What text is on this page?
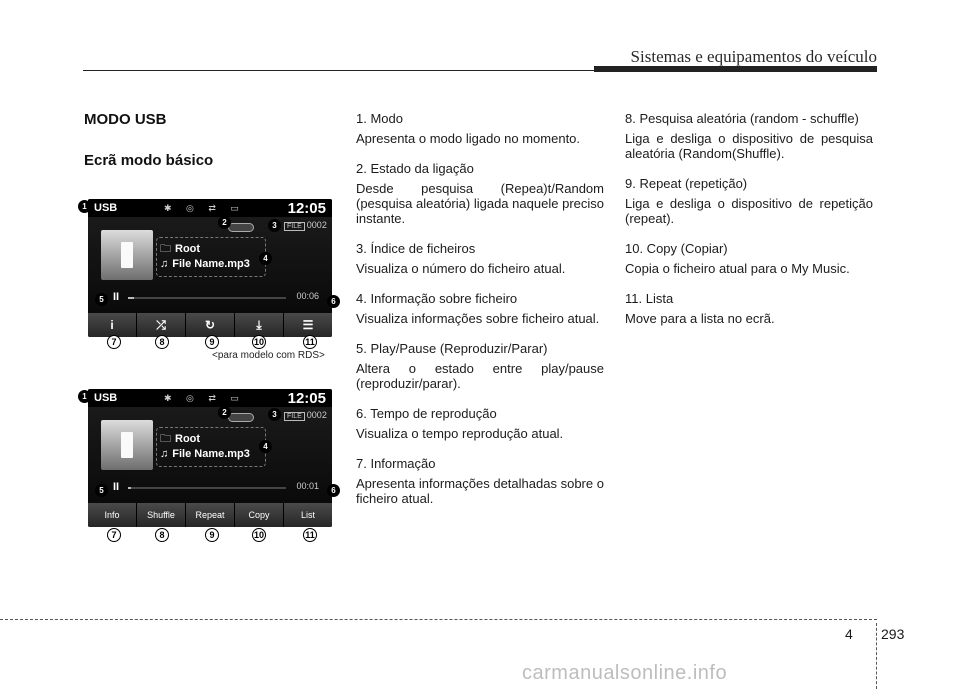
Sistemas e equipamentos do veículo
MODO USB
Ecrã modo básico
USB	✱ ◎ ⇄ ▭	12:05
FILE 0002
🗀 Root
♫ File Name.mp3
II	00:06
i	⤮	↻	⤓	☰
1
2	3
4
5	6
7	8	9	10	11
<para modelo com RDS>
USB	✱ ◎ ⇄ ▭	12:05
FILE 0002
🗀 Root
♫ File Name.mp3
II	00:01
Info	Shuffle	Repeat	Copy	List
1
2	3
4
5	6
7	8	9	10	11
1. Modo
Apresenta o modo ligado no momento.
2. Estado da ligação
Desde pesquisa (Repea)t/Random (pesquisa aleatória) ligada naquele preciso instante.
3. Índice de ficheiros
Visualiza o número do ficheiro atual.
4. Informação sobre ficheiro
Visualiza informações sobre ficheiro atual.
5. Play/Pause (Reproduzir/Parar)
Altera o estado entre play/pause (reproduzir/parar).
6. Tempo de reprodução
Visualiza o tempo reprodução atual.
7. Informação
Apresenta informações detalhadas sobre o ficheiro atual.
8. Pesquisa aleatória (random - schuffle)
Liga e desliga o dispositivo de pesquisa aleatória (Random(Shuffle).
9. Repeat (repetição)
Liga e desliga o dispositivo de repetição (repeat).
10. Copy (Copiar)
Copia o ficheiro atual para o My Music.
11. Lista
Move para a lista no ecrã.
4 293
carmanualsonline.info
